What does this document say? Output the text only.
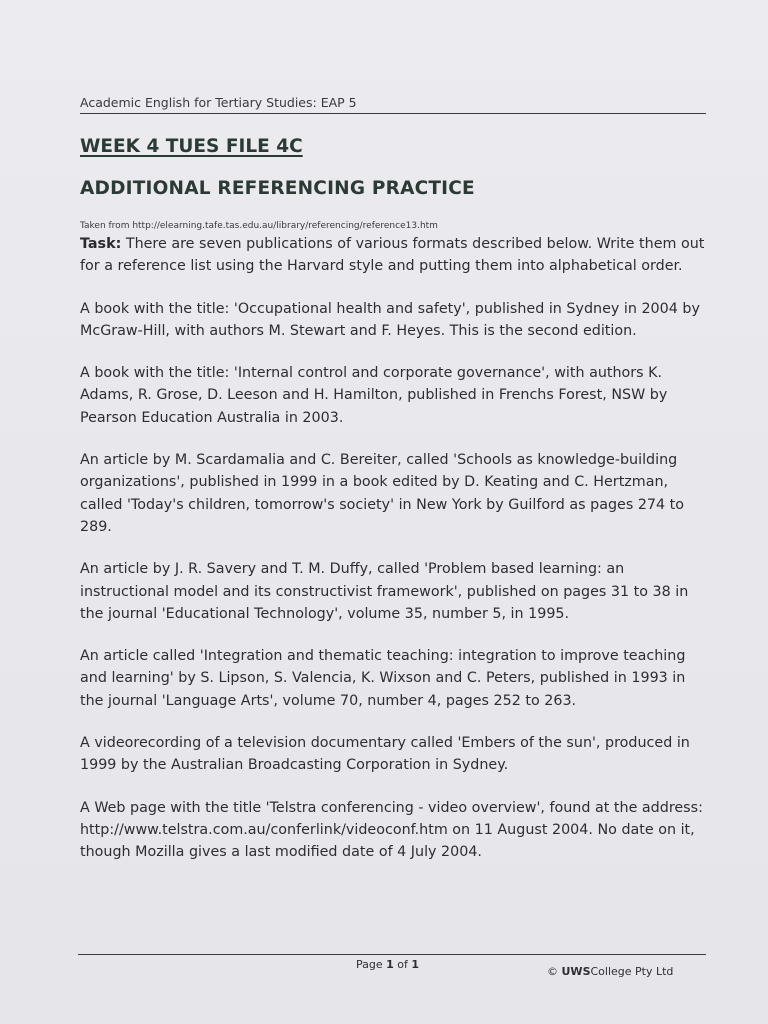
Academic English for Tertiary Studies: EAP 5
WEEK 4 TUES FILE 4C
ADDITIONAL REFERENCING PRACTICE
Taken from http://elearning.tafe.tas.edu.au/library/referencing/reference13.htm

Task: There are seven publications of various formats described below. Write them out for a reference list using the Harvard style and putting them into alphabetical order.

A book with the title: 'Occupational health and safety', published in Sydney in 2004 by McGraw-Hill, with authors M. Stewart and F. Heyes. This is the second edition.

A book with the title: 'Internal control and corporate governance', with authors K. Adams, R. Grose, D. Leeson and H. Hamilton, published in Frenchs Forest, NSW by Pearson Education Australia in 2003.

An article by M. Scardamalia and C. Bereiter, called 'Schools as knowledge-building organizations', published in 1999 in a book edited by D. Keating and C. Hertzman, called 'Today's children, tomorrow's society' in New York by Guilford as pages 274 to 289.

An article by J. R. Savery and T. M. Duffy, called 'Problem based learning: an instructional model and its constructivist framework', published on pages 31 to 38 in the journal 'Educational Technology', volume 35, number 5, in 1995.

An article called 'Integration and thematic teaching: integration to improve teaching and learning' by S. Lipson, S. Valencia, K. Wixson and C. Peters, published in 1993 in the journal 'Language Arts', volume 70, number 4, pages 252 to 263.

A videorecording of a television documentary called 'Embers of the sun', produced in 1999 by the Australian Broadcasting Corporation in Sydney.

A Web page with the title 'Telstra conferencing - video overview', found at the address: http://www.telstra.com.au/conferlink/videoconf.htm on 11 August 2004. No date on it, though Mozilla gives a last modified date of 4 July 2004.

Page 1 of 1
© UWSCollege Pty Ltd
